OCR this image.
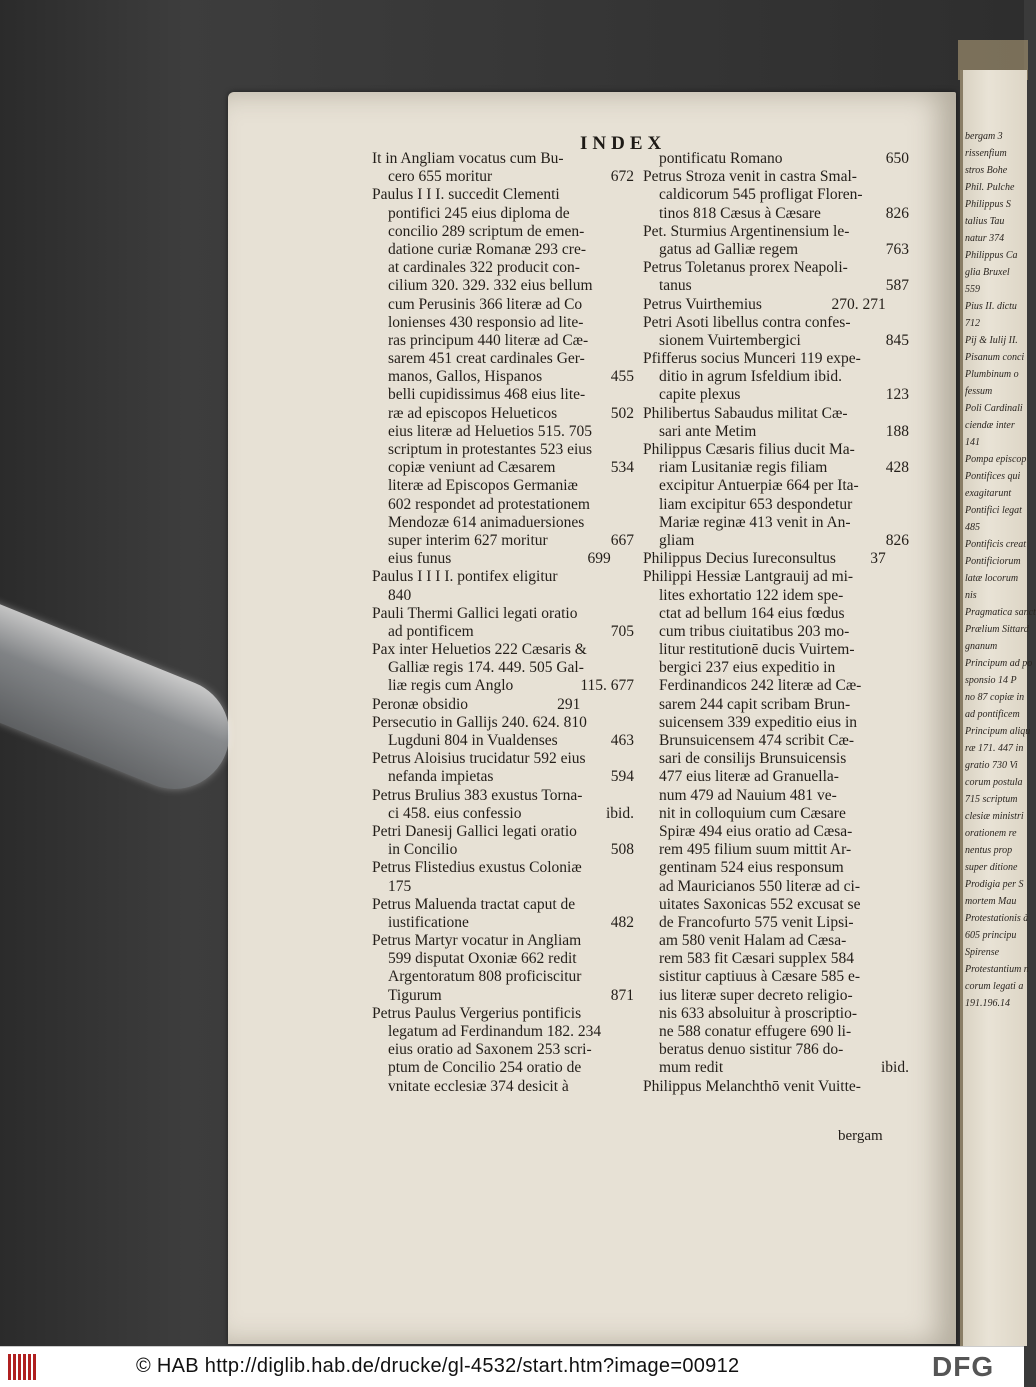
bergam 3
rissenfium
stros Bohe
Phil. Pulche
Philippus S
talius Tau
natur 374
Philippus Ca
glia Bruxel
559
Pius II. dictu
712
Pij & Iulij II.
Pisanum conci
Plumbinum o
fessum
Poli Cardinali
ciendæ inter
141
Pompa episcop
Pontifices qui
exagitarunt
Pontifici legat
485
Pontificis creat
Pontificiorum
latæ locorum
nis
Pragmatica sanct
Prælium Sittard
gnanum
Principum ad po
sponsio 14 P
no 87 copiæ in
ad pontificem
Principum aliqu
ræ 171. 447 in
gratio 730 Vi
corum postula
715 scriptum
clesiæ ministri
orationem re
nentus prop
super ditione
Prodigia per S
mortem Mau
Protestationis à
605 principu
Spirense
Protestantium n
corum legati a
191.196.14
INDEX
It in Angliam vocatus cum Bu-
cero 655 moritur	672
Paulus I I I. succedit Clementi
pontifici 245 eius diploma de
concilio 289 scriptum de emen-
datione curiæ Romanæ 293 cre-
at cardinales 322 producit con-
cilium 320. 329. 332 eius bellum
cum Perusinis 366 literæ ad Co
lonienses 430 responsio ad lite-
ras principum 440 literæ ad Cæ-
sarem 451 creat cardinales Ger-
manos, Gallos, Hispanos	455
belli cupidissimus 468 eius lite-
ræ ad episcopos Helueticos	502
eius literæ ad Heluetios 515. 705
scriptum in protestantes 523 eius
copiæ veniunt ad Cæsarem	534
literæ ad Episcopos Germaniæ
602 respondet ad protestationem
Mendozæ 614 animaduersiones
super interim 627 moritur	667
eius funus	699
Paulus I I I I. pontifex eligitur
840
Pauli Thermi Gallici legati oratio
ad pontificem	705
Pax inter Heluetios 222 Cæsaris &
Galliæ regis 174. 449. 505 Gal-
liæ regis cum Anglo	115. 677
Peronæ obsidio	291
Persecutio in Gallijs 240. 624. 810
Lugduni 804 in Vualdenses	463
Petrus Aloisius trucidatur 592 eius
nefanda impietas	594
Petrus Brulius 383 exustus Torna-
ci 458. eius confessio	ibid.
Petri Danesij Gallici legati oratio
in Concilio	508
Petrus Flistedius exustus Coloniæ
175
Petrus Maluenda tractat caput de
iustificatione	482
Petrus Martyr vocatur in Angliam
599 disputat Oxoniæ 662 redit
Argentoratum 808 proficiscitur
Tigurum	871
Petrus Paulus Vergerius pontificis
legatum ad Ferdinandum 182. 234
eius oratio ad Saxonem 253 scri-
ptum de Concilio 254 oratio de
vnitate ecclesiæ 374 desicit à
pontificatu Romano	650
Petrus Stroza venit in castra Smal-
caldicorum 545 profligat Floren-
tinos 818 Cæsus à Cæsare	826
Pet. Sturmius Argentinensium le-
gatus ad Galliæ regem	763
Petrus Toletanus prorex Neapoli-
tanus	587
Petrus Vuirthemius	270. 271
Petri Asoti libellus contra confes-
sionem Vuirtembergici	845
Pfifferus socius Munceri 119 expe-
ditio in agrum Isfeldium ibid.
capite plexus	123
Philibertus Sabaudus militat Cæ-
sari ante Metim	188
Philippus Cæsaris filius ducit Ma-
riam Lusitaniæ regis filiam	428
excipitur Antuerpiæ 664 per Ita-
liam excipitur 653 despondetur
Mariæ reginæ 413 venit in An-
gliam	826
Philippus Decius Iureconsultus 37
Philippi Hessiæ Lantgrauij ad mi-
lites exhortatio 122 idem spe-
ctat ad bellum 164 eius fœdus
cum tribus ciuitatibus 203 mo-
litur restitutionē ducis Vuirtem-
bergici 237 eius expeditio in
Ferdinandicos 242 literæ ad Cæ-
sarem 244 capit scribam Brun-
suicensem 339 expeditio eius in
Brunsuicensem 474 scribit Cæ-
sari de consilijs Brunsuicensis
477 eius literæ ad Granuella-
num 479 ad Nauium 481 ve-
nit in colloquium cum Cæsare
Spiræ 494 eius oratio ad Cæsa-
rem 495 filium suum mittit Ar-
gentinam 524 eius responsum
ad Mauricianos 550 literæ ad ci-
uitates Saxonicas 552 excusat se
de Francofurto 575 venit Lipsi-
am 580 venit Halam ad Cæsa-
rem 583 fit Cæsari supplex 584
sistitur captiuus à Cæsare 585 e-
ius literæ super decreto religio-
nis 633 absoluitur à proscriptio-
ne 588 conatur effugere 690 li-
beratus denuo sistitur 786 do-
mum redit	ibid.
Philippus Melanchthō venit Vuitte-
bergam
© HAB http://diglib.hab.de/drucke/gl-4532/start.htm?image=00912	DFG
